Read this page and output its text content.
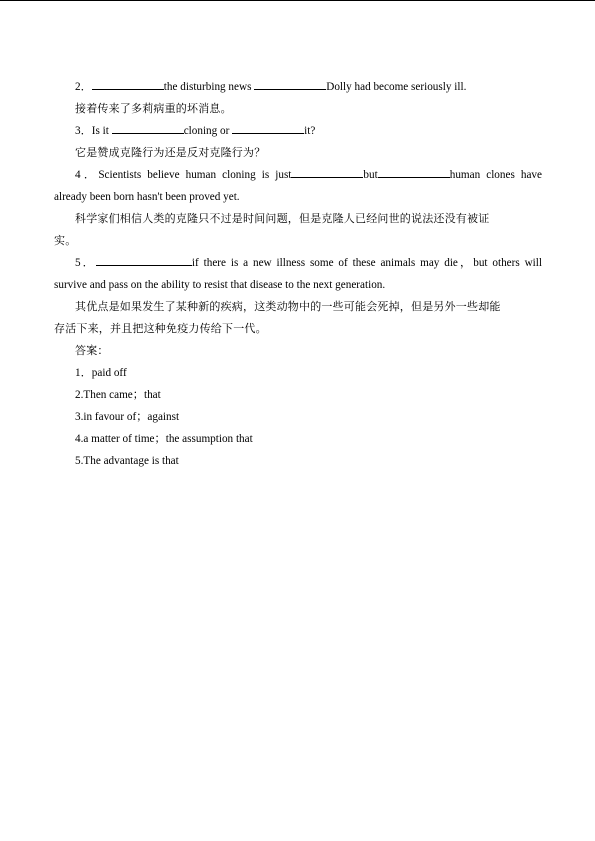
2．	the disturbing news	Dolly had become seriously ill.
接着传来了多莉病重的坏消息。
3．Is it	cloning or	it?
它是赞成克隆行为还是反对克隆行为？
4．Scientists believe human cloning is just	but	human clones have
already been born hasn't been proved yet.
科学家们相信人类的克隆只不过是时间问题，但是克隆人已经问世的说法还没有被证
实。
5．	if there is a new illness some of these animals may die，but others will
survive and pass on the ability to resist that disease to the next generation.
其优点是如果发生了某种新的疾病，这类动物中的一些可能会死掉，但是另外一些却能
存活下来，并且把这种免疫力传给下一代。
答案：
1．paid off
2.Then came；that
3.in favour of；against
4.a matter of time；the assumption that
5.The advantage is that
